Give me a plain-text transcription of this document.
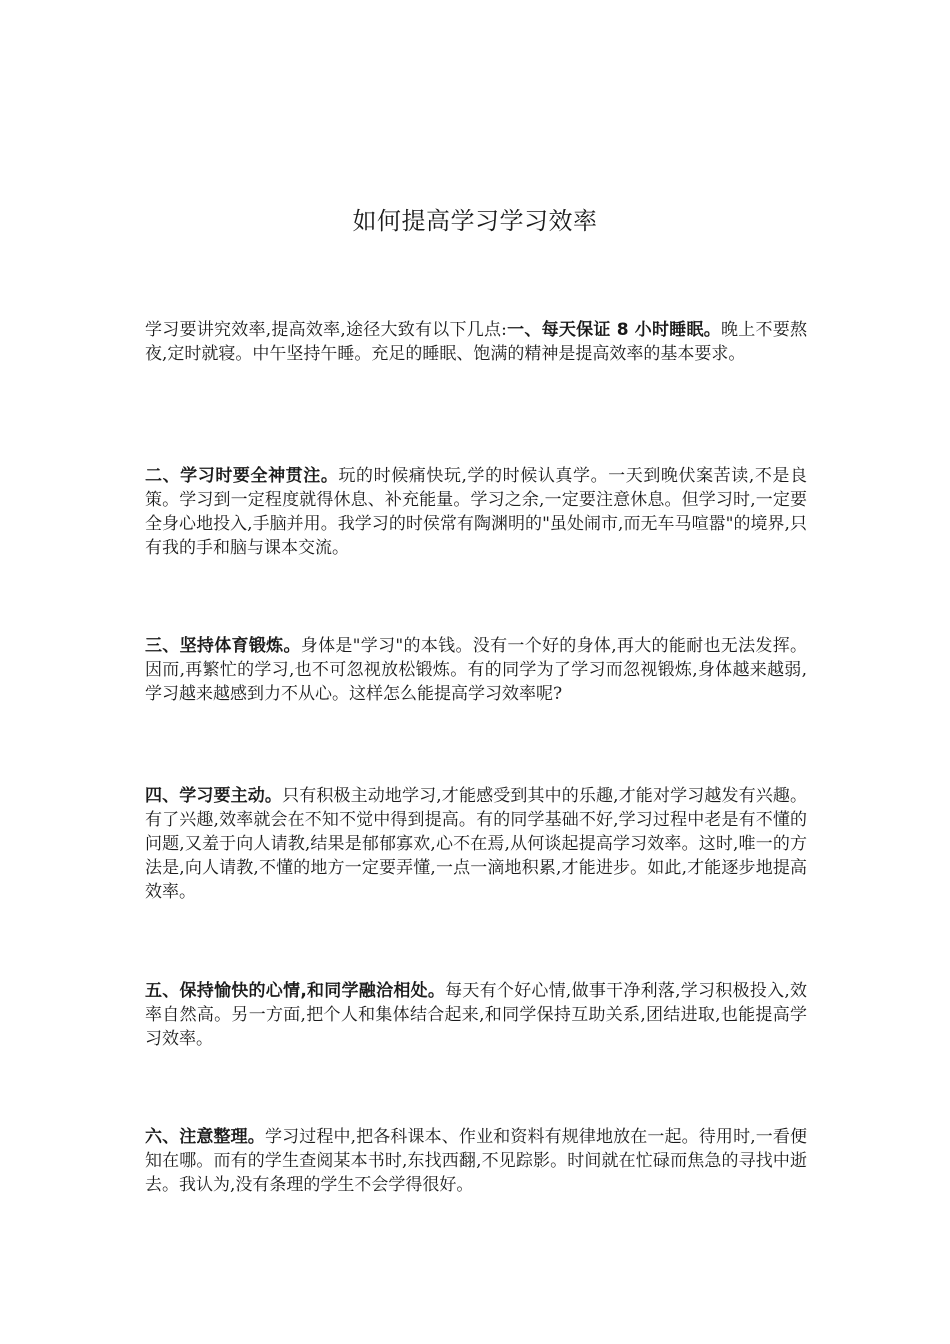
如何提高学习学习效率

学习要讲究效率,提高效率,途径大致有以下几点:一、每天保证 8 小时睡眠。晚上不要熬夜,定时就寝。中午坚持午睡。充足的睡眠、饱满的精神是提高效率的基本要求。

二、学习时要全神贯注。玩的时候痛快玩,学的时候认真学。一天到晚伏案苦读,不是良策。学习到一定程度就得休息、补充能量。学习之余,一定要注意休息。但学习时,一定要全身心地投入,手脑并用。我学习的时侯常有陶渊明的"虽处闹市,而无车马喧嚣"的境界,只有我的手和脑与课本交流。

三、坚持体育锻炼。身体是"学习"的本钱。没有一个好的身体,再大的能耐也无法发挥。因而,再繁忙的学习,也不可忽视放松锻炼。有的同学为了学习而忽视锻炼,身体越来越弱,学习越来越感到力不从心。这样怎么能提高学习效率呢?

四、学习要主动。只有积极主动地学习,才能感受到其中的乐趣,才能对学习越发有兴趣。有了兴趣,效率就会在不知不觉中得到提高。有的同学基础不好,学习过程中老是有不懂的问题,又羞于向人请教,结果是郁郁寡欢,心不在焉,从何谈起提高学习效率。这时,唯一的方法是,向人请教,不懂的地方一定要弄懂,一点一滴地积累,才能进步。如此,才能逐步地提高效率。

五、保持愉快的心情,和同学融洽相处。每天有个好心情,做事干净利落,学习积极投入,效率自然高。另一方面,把个人和集体结合起来,和同学保持互助关系,团结进取,也能提高学习效率。

六、注意整理。学习过程中,把各科课本、作业和资料有规律地放在一起。待用时,一看便知在哪。而有的学生查阅某本书时,东找西翻,不见踪影。时间就在忙碌而焦急的寻找中逝去。我认为,没有条理的学生不会学得很好。
